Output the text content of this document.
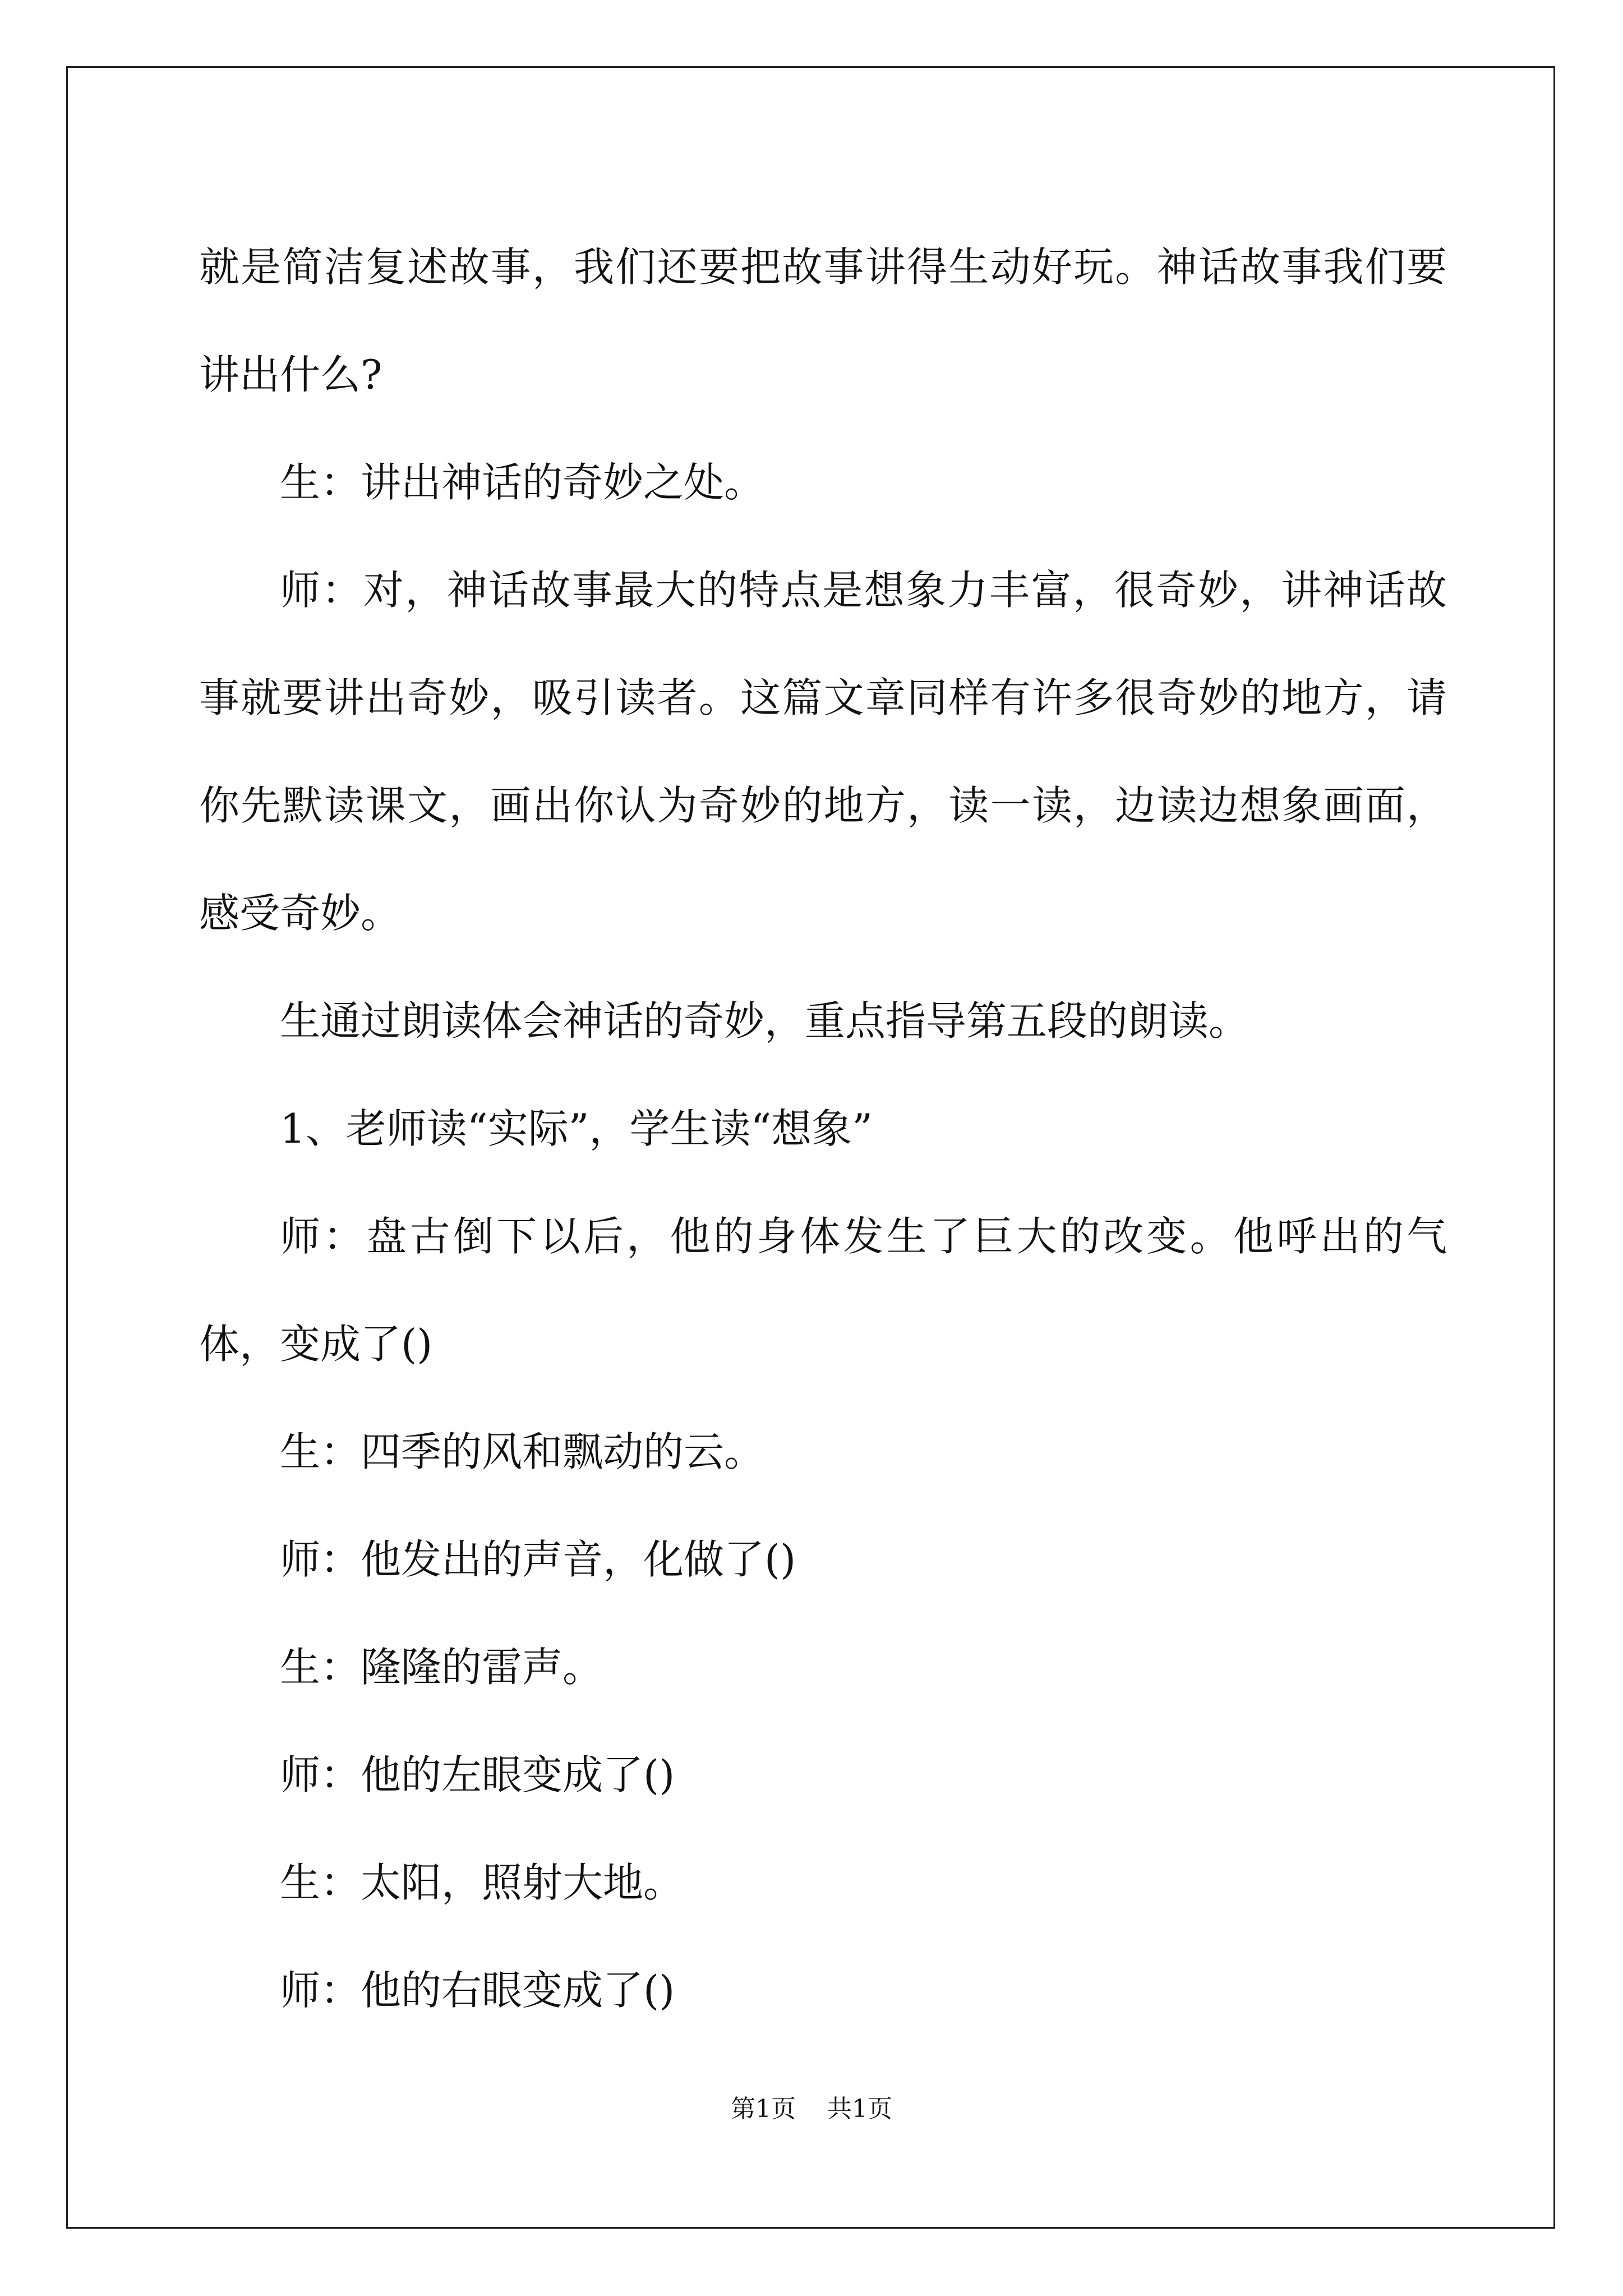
就是简洁复述故事，我们还要把故事讲得生动好玩。神话故事我们要讲出什么?

生：讲出神话的奇妙之处。

师：对，神话故事最大的特点是想象力丰富，很奇妙，讲神话故事就要讲出奇妙，吸引读者。这篇文章同样有许多很奇妙的地方，请你先默读课文，画出你认为奇妙的地方，读一读，边读边想象画面，感受奇妙。

生通过朗读体会神话的奇妙，重点指导第五段的朗读。

1、老师读“实际”，学生读“想象”

师：盘古倒下以后，他的身体发生了巨大的改变。他呼出的气体，变成了()

生：四季的风和飘动的云。

师：他发出的声音，化做了()

生：隆隆的雷声。

师：他的左眼变成了()

生：太阳，照射大地。

师：他的右眼变成了()

第1页 共1页
